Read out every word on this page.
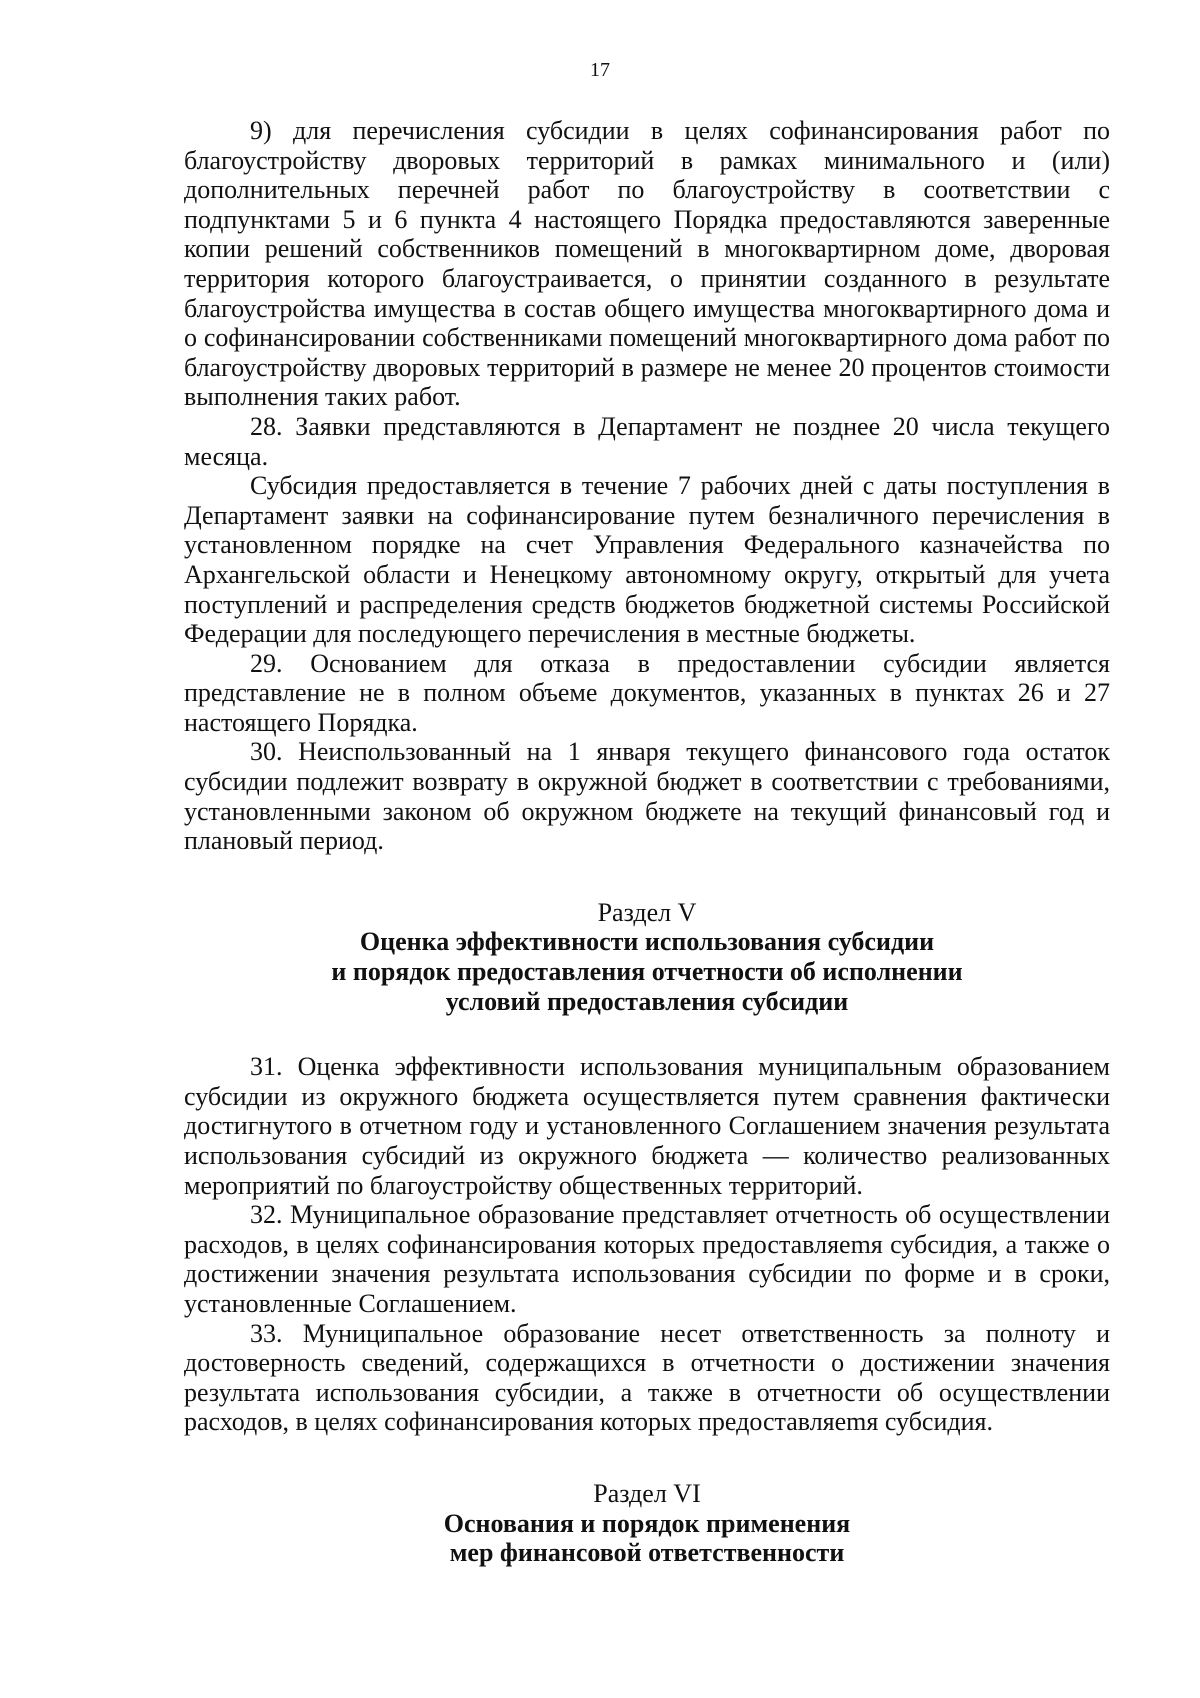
17

9) для перечисления субсидии в целях софинансирования работ по благоустройству дворовых территорий в рамках минимального и (или) дополнительных перечней работ по благоустройству в соответствии с подпунктами 5 и 6 пункта 4 настоящего Порядка предоставляются заверенные копии решений собственников помещений в многоквартирном доме, дворовая территория которого благоустраивается, о принятии созданного в результате благоустройства имущества в состав общего имущества многоквартирного дома и о софинансировании собственниками помещений многоквартирного дома работ по благоустройству дворовых территорий в размере не менее 20 процентов стоимости выполнения таких работ.

28. Заявки представляются в Департамент не позднее 20 числа текущего месяца.

Субсидия предоставляется в течение 7 рабочих дней с даты поступления в Департамент заявки на софинансирование путем безналичного перечисления в установленном порядке на счет Управления Федерального казначейства по Архангельской области и Ненецкому автономному округу, открытый для учета поступлений и распределения средств бюджетов бюджетной системы Российской Федерации для последующего перечисления в местные бюджеты.

29. Основанием для отказа в предоставлении субсидии является представление не в полном объеме документов, указанных в пунктах 26 и 27 настоящего Порядка.

30. Неиспользованный на 1 января текущего финансового года остаток субсидии подлежит возврату в окружной бюджет в соответствии с требованиями, установленными законом об окружном бюджете на текущий финансовый год и плановый период.

Раздел V
Оценка эффективности использования субсидии
и порядок предоставления отчетности об исполнении
условий предоставления субсидии

31. Оценка эффективности использования муниципальным образованием субсидии из окружного бюджета осуществляется путем сравнения фактически достигнутого в отчетном году и установленного Соглашением значения результата использования субсидий из окружного бюджета — количество реализованных мероприятий по благоустройству общественных территорий.

32. Муниципальное образование представляет отчетность об осуществлении расходов, в целях софинансирования которых предоставляеmя субсидия, а также о достижении значения результата использования субсидии по форме и в сроки, установленные Соглашением.

33. Муниципальное образование несет ответственность за полноту и достоверность сведений, содержащихся в отчетности о достижении значения результата использования субсидии, а также в отчетности об осуществлении расходов, в целях софинансирования которых предоставляеmя субсидия.

Раздел VI
Основания и порядок применения
мер финансовой ответственности
